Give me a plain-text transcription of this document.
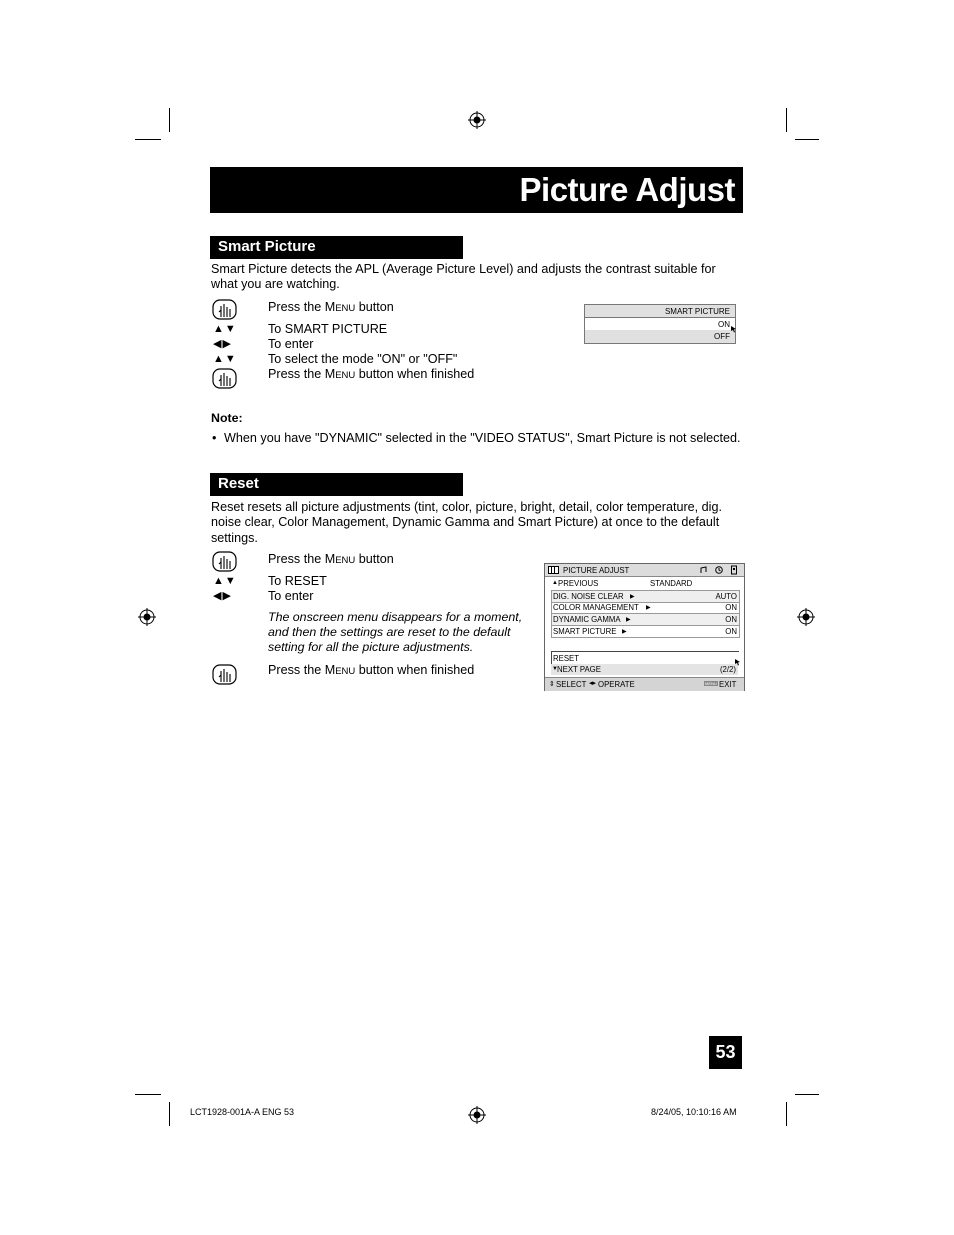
Picture Adjust
Smart Picture
Smart Picture detects the APL (Average Picture Level) and adjusts the contrast suitable for what you are watching.
Press the MENU button
▲▼ To SMART PICTURE
◀▶	To enter
▲▼ To select the mode "ON" or "OFF"
Press the MENU button when finished
SMART PICTURE
ON
OFF
Note:
• When you have "DYNAMIC" selected in the "VIDEO STATUS", Smart Picture is not selected.
Reset
Reset resets all picture adjustments (tint, color, picture, bright, detail, color temperature, dig. noise clear, Color Management, Dynamic Gamma and Smart Picture) at once to the default settings.
Press the MENU button
▲▼ To RESET
◀▶	To enter
The onscreen menu disappears for a moment, and then the settings are reset to the default setting for all the picture adjustments.
Press the MENU button when finished
PICTURE ADJUST
▲ PREVIOUS	STANDARD
DIG. NOISE CLEAR ▶	AUTO
COLOR MANAGEMENT ▶	ON
DYNAMIC GAMMA ▶	ON
SMART PICTURE ▶	ON
RESET
▼ NEXT PAGE	(2/2)
⇕ SELECT ◂▸ OPERATE	MENU EXIT
53
LCT1928-001A-A ENG 53	8/24/05, 10:10:16 AM
